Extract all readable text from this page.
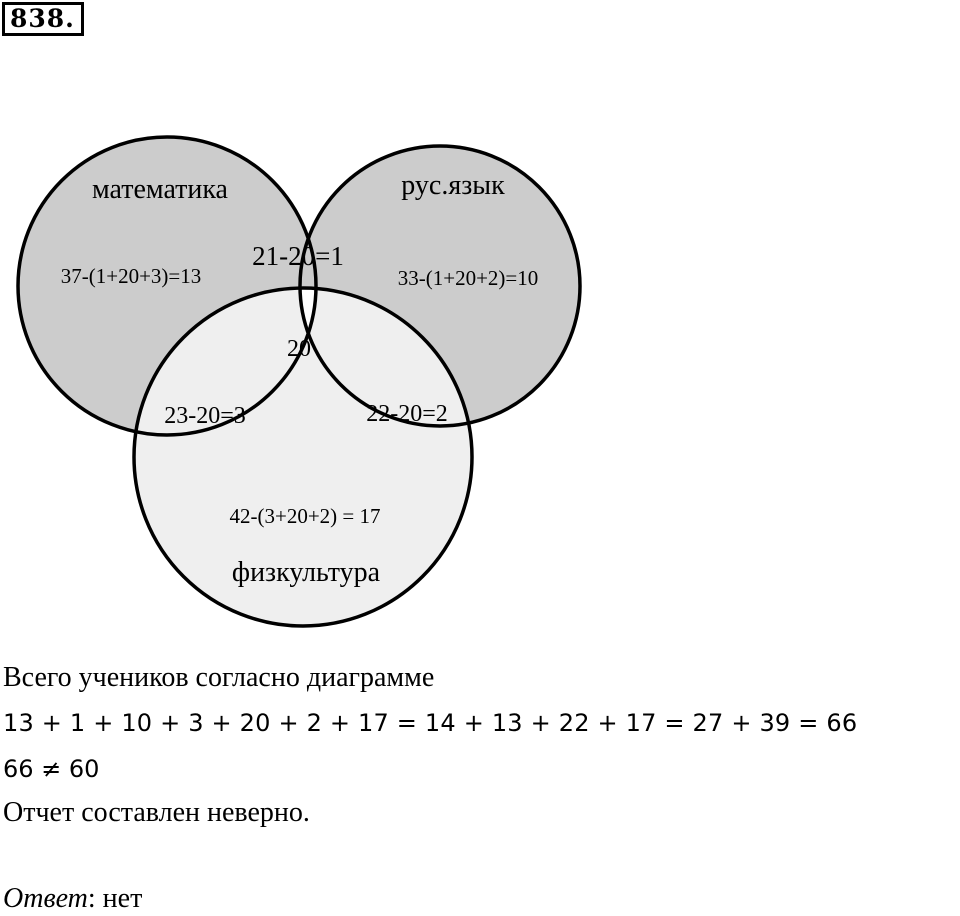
838.
математика	рус.язык
физкультура
37-(1+20+3)=13
21-20=1
33-(1+20+2)=10
20
23-20=3	22-20=2
42-(3+20+2) = 17
Всего учеников согласно диаграмме
13 + 1 + 10 + 3 + 20 + 2 + 17 = 14 + 13 + 22 + 17 = 27 + 39 = 66
66 ≠ 60
Отчет составлен неверно.
Ответ: нет
